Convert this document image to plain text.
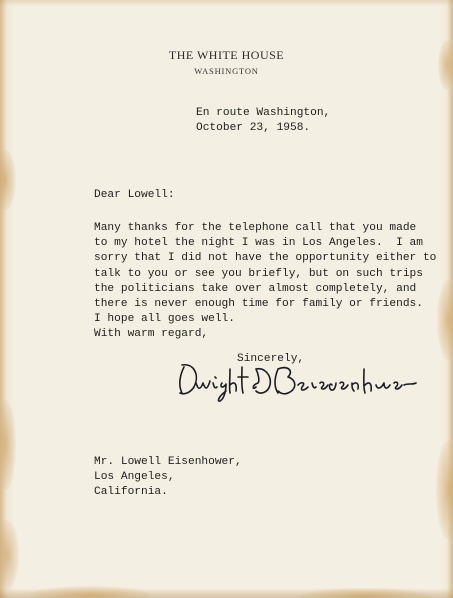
THE WHITE HOUSE
WASHINGTON
En route Washington,
October 23, 1958.
Dear Lowell:
Many thanks for the telephone call that you made
to my hotel the night I was in Los Angeles.  I am
sorry that I did not have the opportunity either to
talk to you or see you briefly, but on such trips
the politicians take over almost completely, and
there is never enough time for family or friends.
I hope all goes well.
With warm regard,
Sincerely,
Mr. Lowell Eisenhower,
Los Angeles,
California.
